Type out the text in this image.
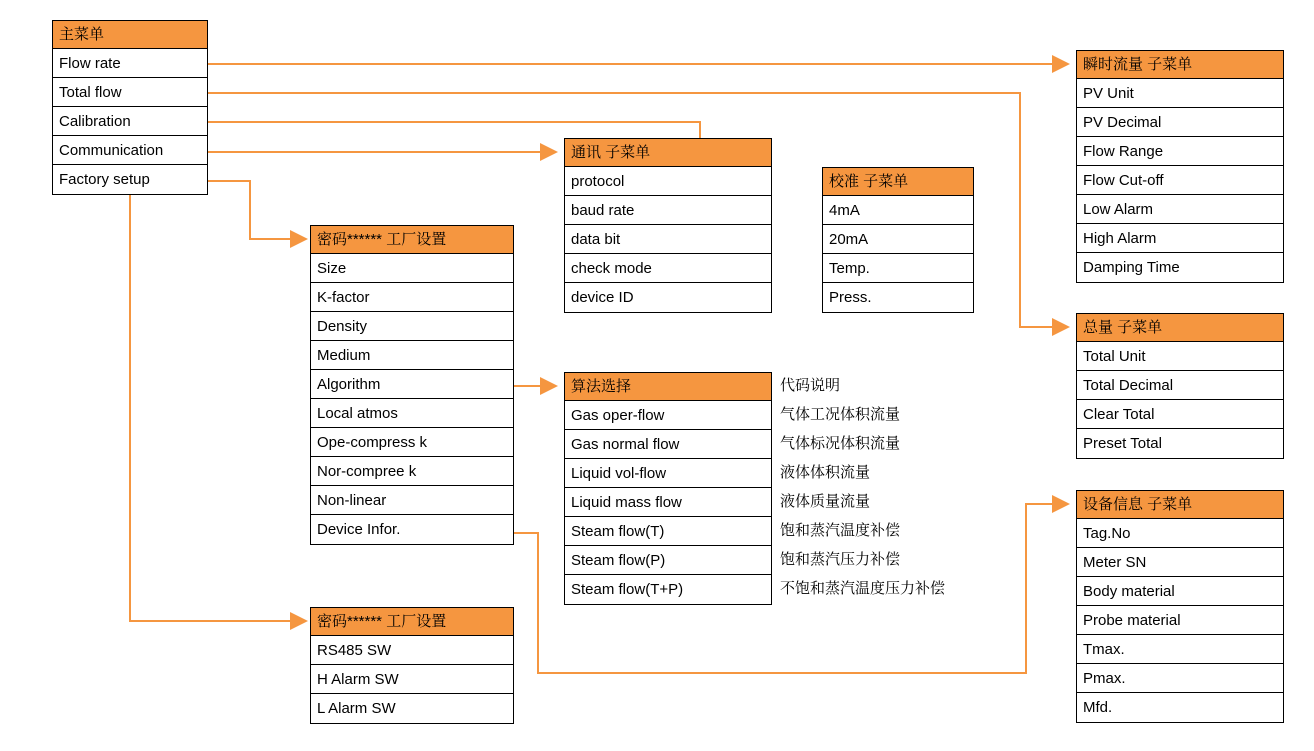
主菜单
Flow rate
Total flow
Calibration
Communication
Factory setup
密码****** 工厂设置
Size
K-factor
Density
Medium
Algorithm
Local atmos
Ope-compress k
Nor-compree k
Non-linear
Device Infor.
密码****** 工厂设置
RS485 SW
H Alarm SW
L Alarm SW
通讯 子菜单
protocol
baud rate
data bit
check mode
device ID
算法选择
Gas oper-flow
Gas normal flow
Liquid vol-flow
Liquid mass flow
Steam flow(T)
Steam flow(P)
Steam flow(T+P)
代码说明
气体工况体积流量
气体标况体积流量
液体体积流量
液体质量流量
饱和蒸汽温度补偿
饱和蒸汽压力补偿
不饱和蒸汽温度压力补偿
校准 子菜单
4mA
20mA
Temp.
Press.
瞬时流量 子菜单
PV Unit
PV Decimal
Flow Range
Flow Cut-off
Low Alarm
High Alarm
Damping Time
总量 子菜单
Total Unit
Total Decimal
Clear Total
Preset Total
设备信息 子菜单
Tag.No
Meter SN
Body material
Probe material
Tmax.
Pmax.
Mfd.
